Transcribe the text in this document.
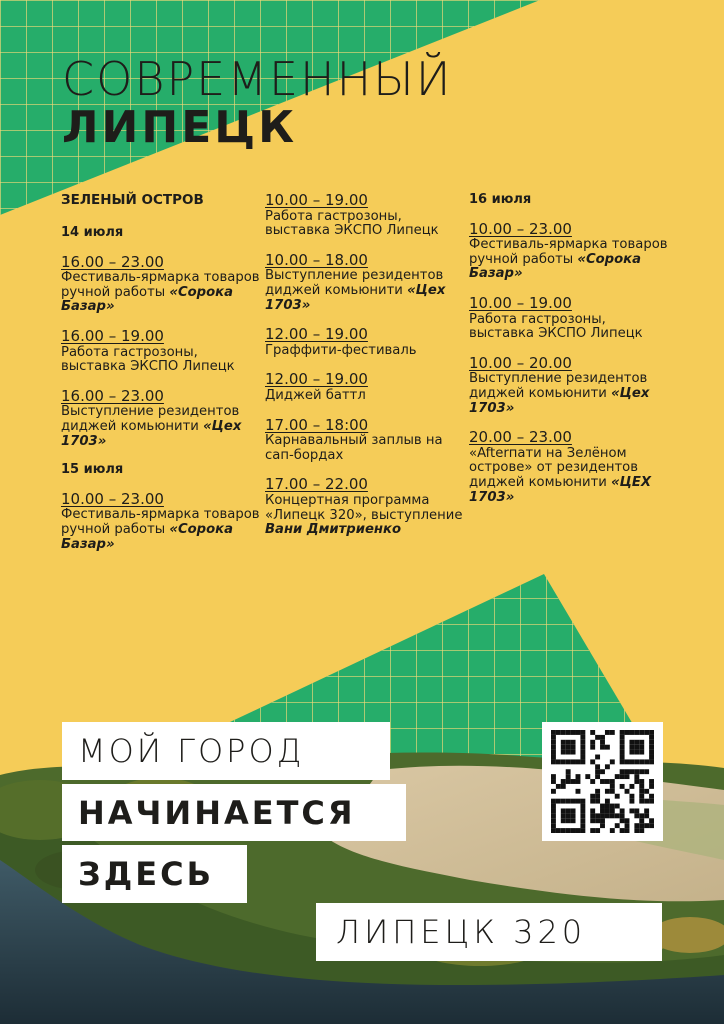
СОВРЕМЕННЫЙ
ЛИПЕЦК
ЗЕЛЕНЫЙ ОСТРОВ
14 июля
16.00 – 23.00
Фестиваль-ярмарка товаров ручной работы «Сорока Базар»
16.00 – 19.00
Работа гастрозоны, выставка ЭКСПО Липецк
16.00 – 23.00
Выступление резидентов диджей комьюнити «Цех 1703»
15 июля
10.00 – 23.00
Фестиваль-ярмарка товаров ручной работы «Сорока Базар»
10.00 – 19.00
Работа гастрозоны, выставка ЭКСПО Липецк
10.00 – 18.00
Выступление резидентов диджей комьюнити «Цех 1703»
12.00 – 19.00
Граффити-фестиваль
12.00 – 19.00
Диджей баттл
17.00 – 18:00
Карнавальный заплыв на сап-бордах
17.00 – 22.00
Концертная программа «Липецк 320», выступление Вани Дмитриенко
16 июля
10.00 – 23.00
Фестиваль-ярмарка товаров ручной работы «Сорока Базар»
10.00 – 19.00
Работа гастрозоны, выставка ЭКСПО Липецк
10.00 – 20.00
Выступление резидентов диджей комьюнити «Цех 1703»
20.00 – 23.00
«Afterпати на Зелёном острове» от резидентов диджей комьюнити «ЦЕХ 1703»
МОЙ ГОРОД
НАЧИНАЕТСЯ
ЗДЕСЬ
ЛИПЕЦК 320
